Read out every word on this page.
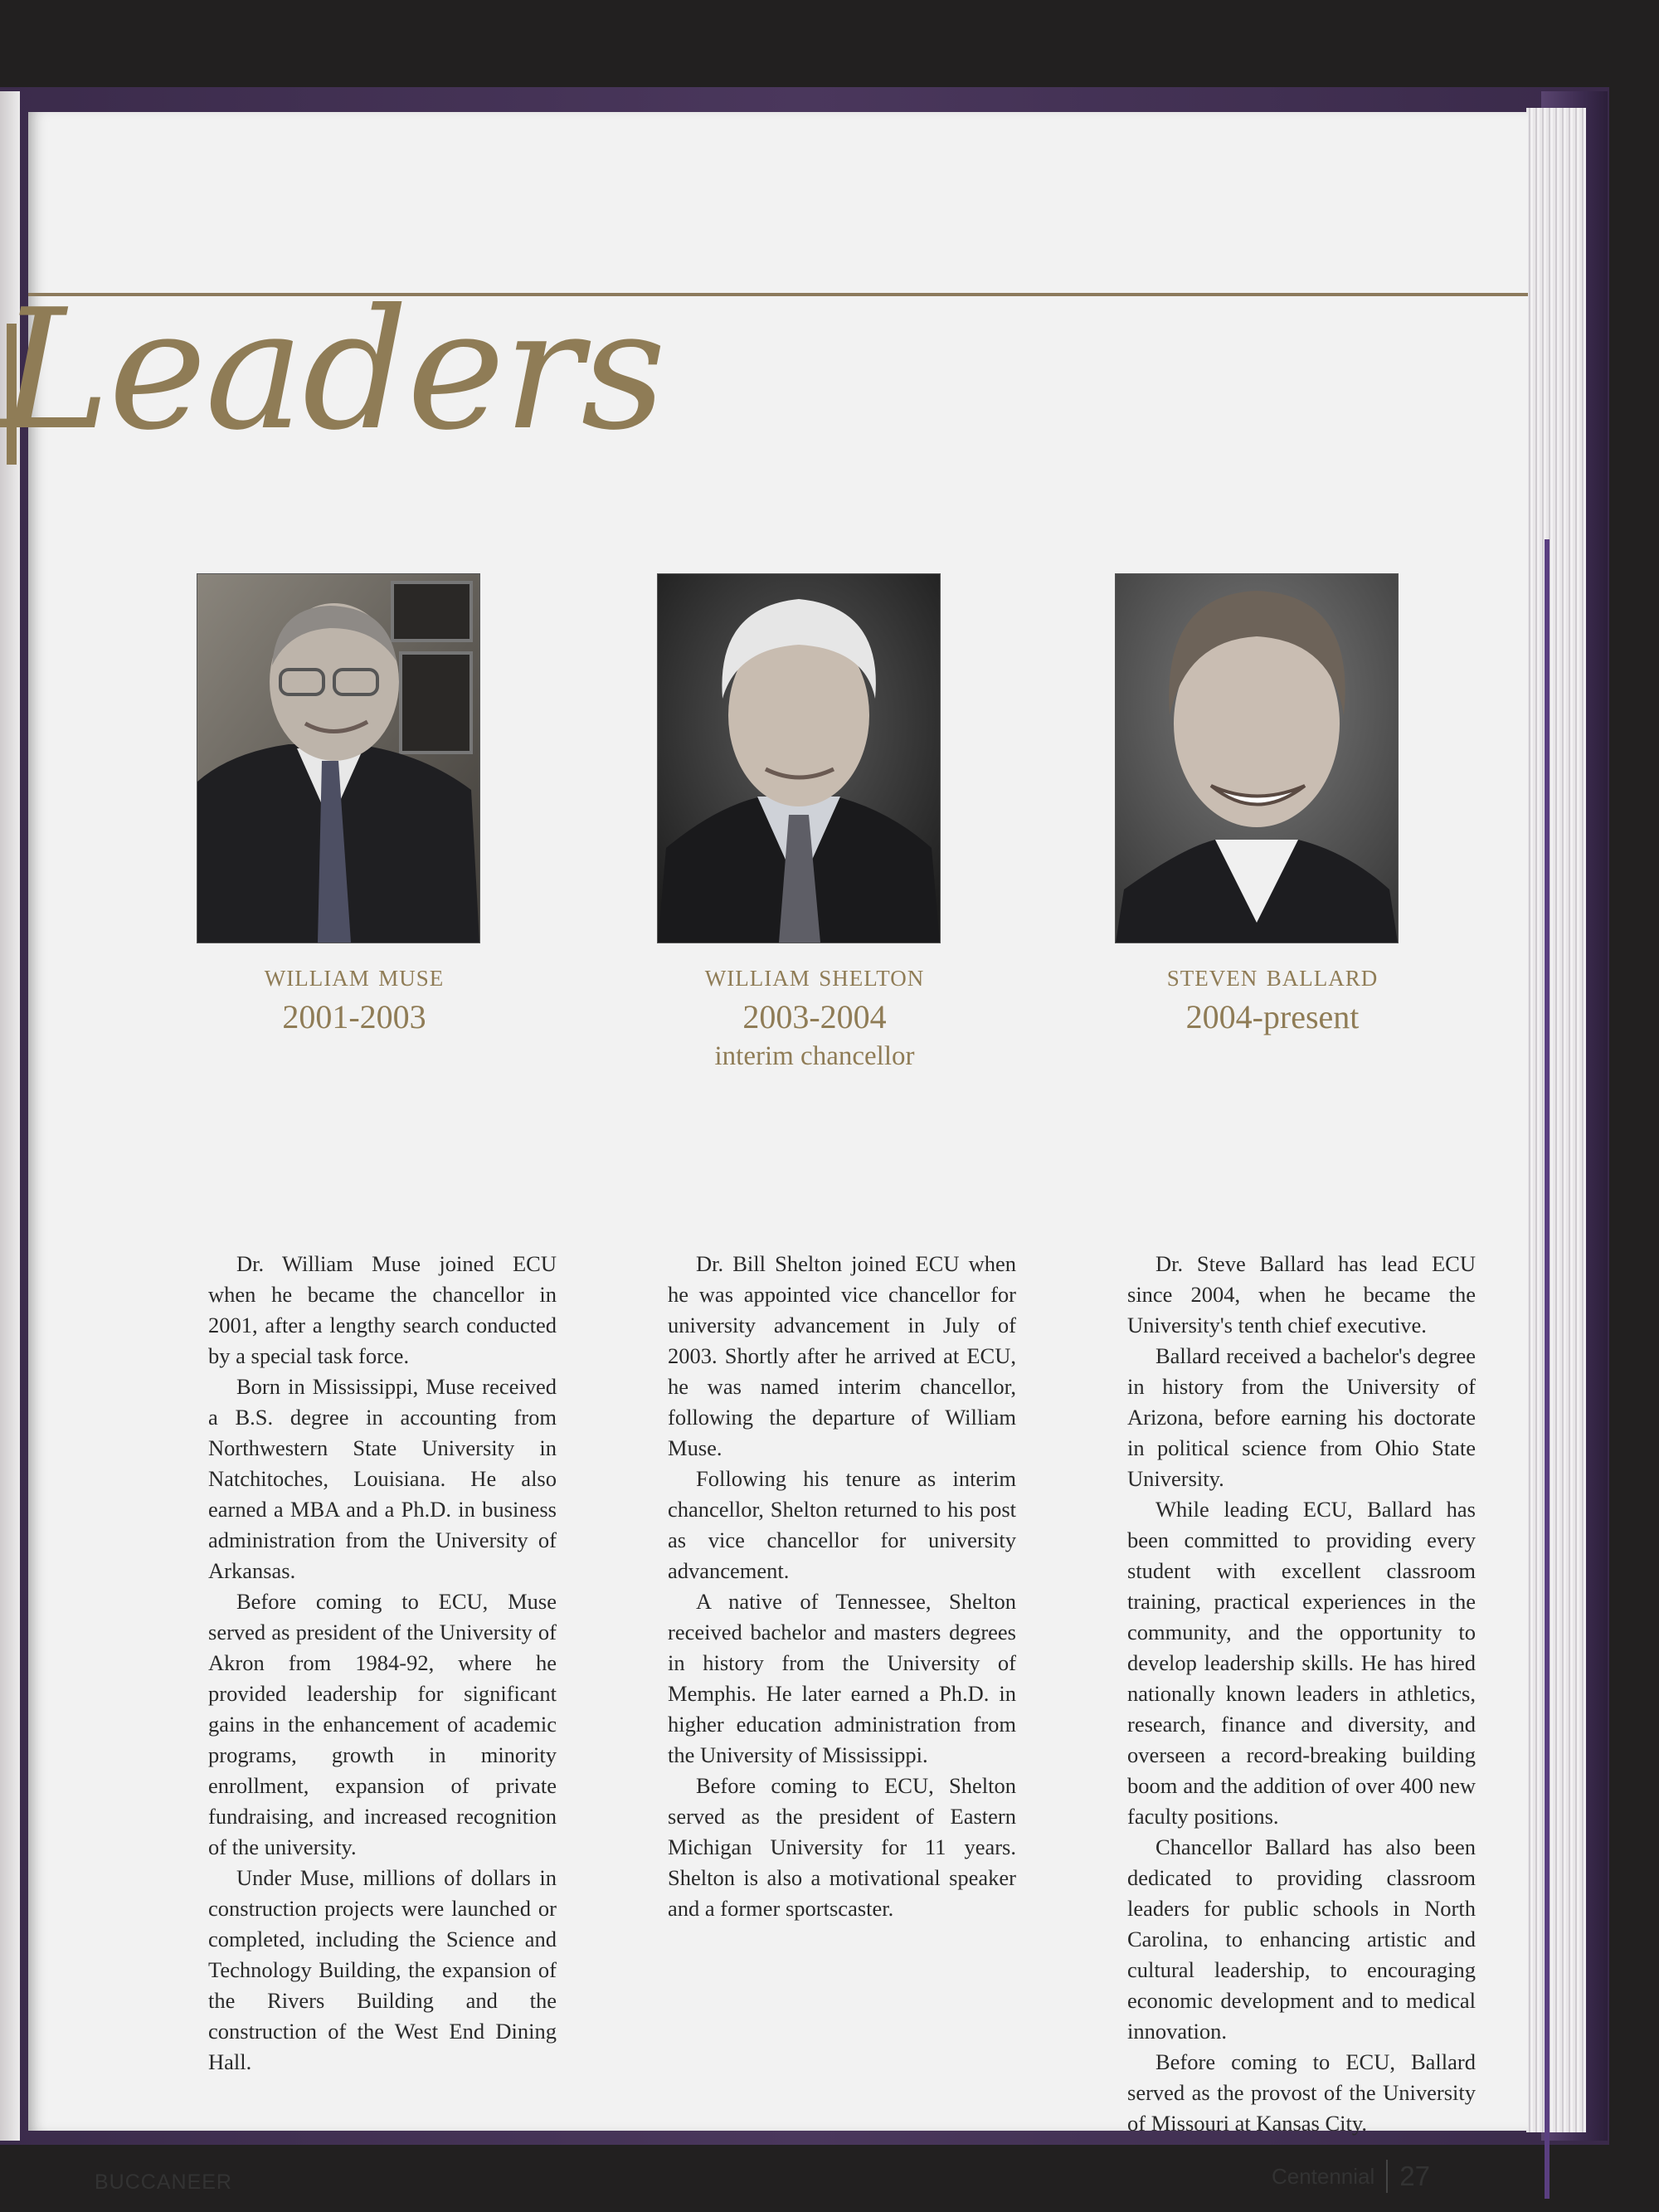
Leaders
william muse
2001-2003
william shelton
2003-2004
interim chancellor
steven ballard
2004-present

Dr. William Muse joined ECU when he became the chancellor in 2001, after a lengthy search conducted by a special task force.

Born in Mississippi, Muse received a B.S. degree in accounting from Northwestern State University in Natchitoches, Louisiana. He also earned a MBA and a Ph.D. in business administration from the University of Arkansas.

Before coming to ECU, Muse served as president of the University of Akron from 1984-92, where he provided leadership for significant gains in the enhancement of academic programs, growth in minority enrollment, expansion of private fundraising, and increased recognition of the university.

Under Muse, millions of dollars in construction projects were launched or completed, including the Science and Technology Building, the expansion of the Rivers Building and the construction of the West End Dining Hall.

Dr. Bill Shelton joined ECU when he was appointed vice chancellor for university advancement in July of 2003. Shortly after he arrived at ECU, he was named interim chancellor, following the departure of William Muse.

Following his tenure as interim chancellor, Shelton returned to his post as vice chancellor for university advancement.

A native of Tennessee, Shelton received bachelor and masters degrees in history from the University of Memphis. He later earned a Ph.D. in higher education administration from the University of Mississippi.

Before coming to ECU, Shelton served as the president of Eastern Michigan University for 11 years. Shelton is also a motivational speaker and a former sportscaster.

Dr. Steve Ballard has lead ECU since 2004, when he became the University's tenth chief executive.

Ballard received a bachelor's degree in history from the University of Arizona, before earning his doctorate in political science from Ohio State University.

While leading ECU, Ballard has been committed to providing every student with excellent classroom training, practical experiences in the community, and the opportunity to develop leadership skills. He has hired nationally known leaders in athletics, research, finance and diversity, and overseen a record-breaking building boom and the addition of over 400 new faculty positions.

Chancellor Ballard has also been dedicated to providing classroom leaders for public schools in North Carolina, to enhancing artistic and cultural leadership, to encouraging economic development and to medical innovation.

Before coming to ECU, Ballard served as the provost of the University of Missouri at Kansas City.

BUCCANEER	Centennial 27
